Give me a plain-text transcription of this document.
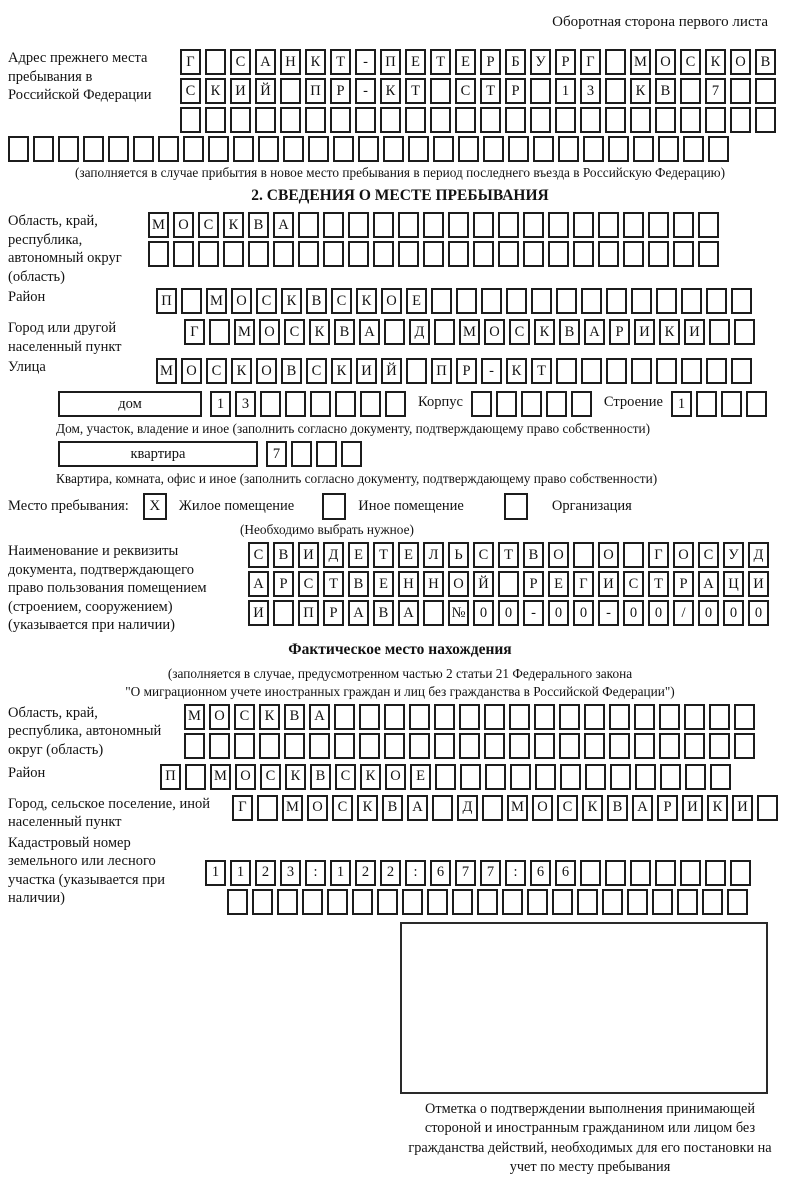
Оборотная сторона первого листа
Адрес прежнего места пребывания в Российской Федерации
Г	С	А	Н	К	Т	-	П	Е	Т	Е	Р	Б	У	Р	Г	М О	С	К	О	В
С	К	И	Й	П	Р	-	К	Т	С	Т	Р	1	3	К	В	7
(заполняется в случае прибытия в новое место пребывания в период последнего въезда в Российскую Федерацию)
2. СВЕДЕНИЯ О МЕСТЕ ПРЕБЫВАНИЯ
Область, край, республика, автономный округ (область)
М О	С	К	В	А
Район	П	М О	С	К	В	С	К	О	Е
Город или другой населенный пункт
Г	М О	С	К	В	А	Д	М О	С	К	В	А	Р	И	К	И
Улица	М О	С	К	О	В	С	К	И	Й	П	Р	-	К	Т
дом	1	3	Корпус	Строение	1
Дом, участок, владение и иное (заполнить согласно документу, подтверждающему право собственности)
квартира	7
Квартира, комната, офис и иное (заполнить согласно документу, подтверждающему право собственности)
Место пребывания:	X	Жилое помещение	Иное помещение	Организация
(Необходимо выбрать нужное)
Наименование и реквизиты документа, подтверждающего право пользования помещением (строением, сооружением) (указывается при наличии)
С	В	И	Д	Е	Т	Е	Л	Ь	С	Т	В	О	О	Г	О	С	У	Д
А	Р	С	Т	В	Е	Н	Н	О	Й	Р	Е	Г	И	С	Т	Р	А	Ц	И
И	П	Р	А	В	А	№ 0	0	-	0	0	-	0	0	/	0	0	0
Фактическое место нахождения
(заполняется в случае, предусмотренном частью 2 статьи 21 Федерального закона
"О миграционном учете иностранных граждан и лиц без гражданства в Российской Федерации")
Область, край, республика, автономный округ (область)
М О	С	К	В	А
Район	П	М О	С	К	В	С	К	О	Е
Город, сельское поселение, иной населенный пункт
Г	М О	С	К	В	А	Д	М О	С	К	В	А	Р	И	К	И
Кадастровый номер земельного или лесного участка (указывается при наличии)
1	1	2	3	:	1	2	2	:	6	7	7	:	6	6
Отметка о подтверждении выполнения принимающей стороной и иностранным гражданином или лицом без гражданства действий, необходимых для его постановки на учет по месту пребывания
